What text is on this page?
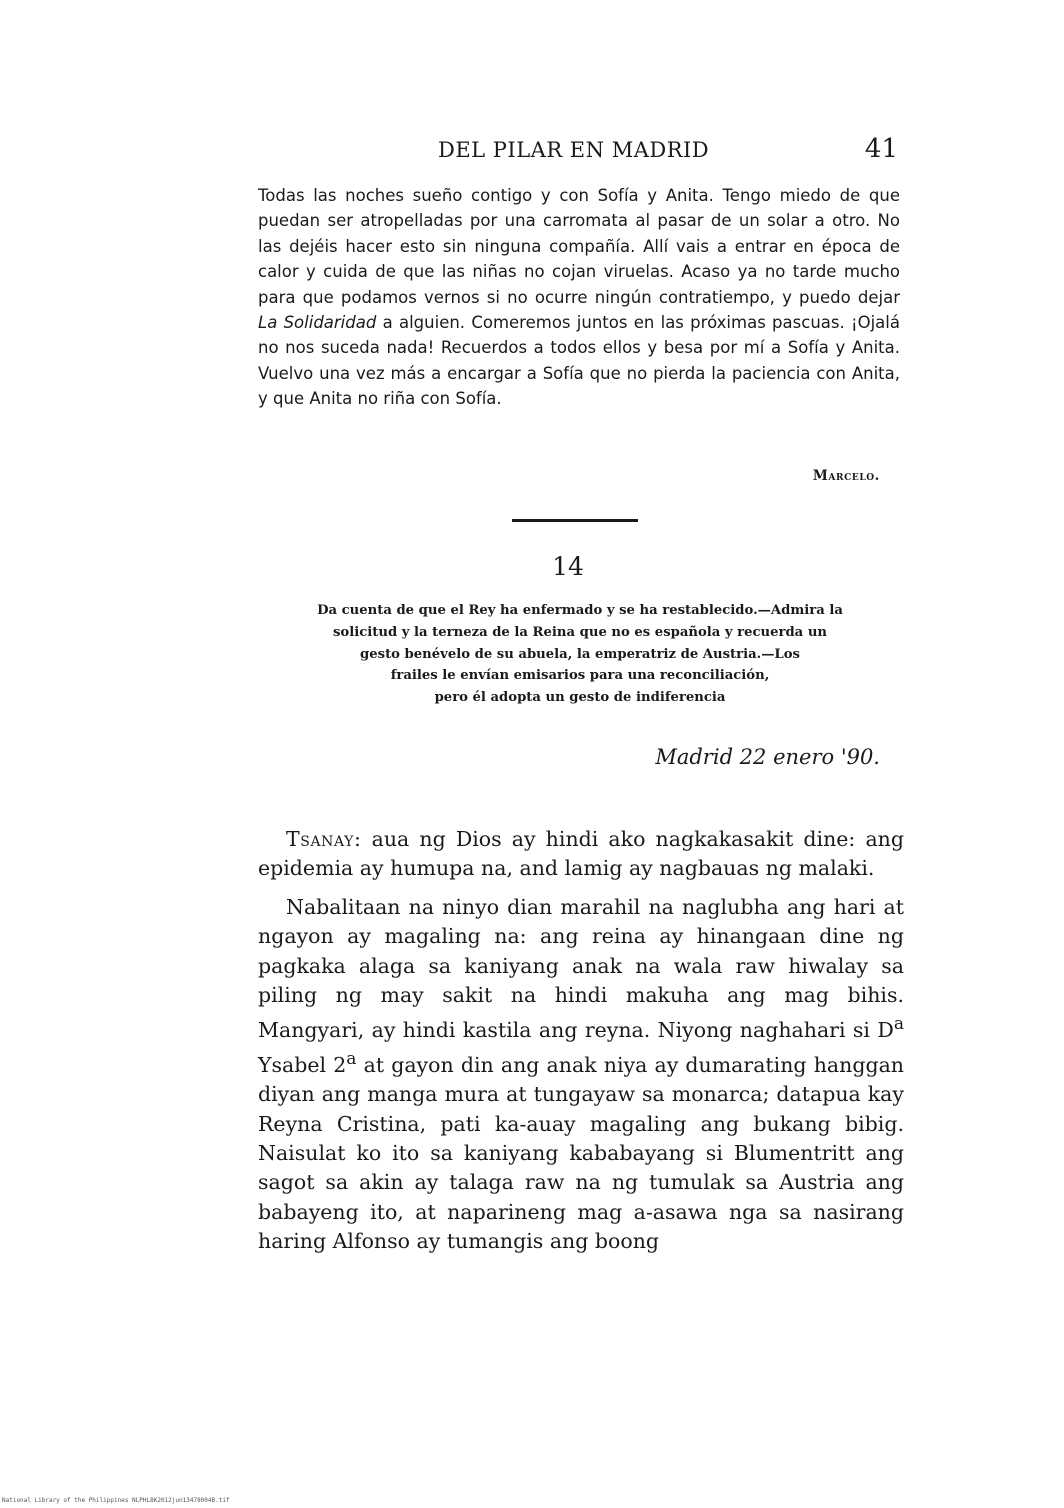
DEL PILAR EN MADRID	41
Todas las noches sueño contigo y con Sofía y Anita. Tengo miedo de que puedan ser atropelladas por una carromata al pasar de un solar a otro. No las dejéis hacer esto sin ninguna compañía. Allí vais a entrar en época de calor y cuida de que las niñas no cojan viruelas. Acaso ya no tarde mucho para que podamos vernos si no ocurre ningún contratiempo, y puedo dejar La Solidaridad a alguien. Comeremos juntos en las próximas pascuas. ¡Ojalá no nos suceda nada! Recuerdos a todos ellos y besa por mí a Sofía y Anita. Vuelvo una vez más a encargar a Sofía que no pierda la paciencia con Anita, y que Anita no riña con Sofía.
Marcelo.
14
Da cuenta de que el Rey ha enfermado y se ha restablecido.—Admira la
solicitud y la terneza de la Reina que no es española y recuerda un
gesto benévelo de su abuela, la emperatriz de Austria.—Los
frailes le envían emisarios para una reconciliación,
pero él adopta un gesto de indiferencia
Madrid 22 enero '90.
Tsanay: aua ng Dios ay hindi ako nagkakasakit dine: ang epidemia ay humupa na, and lamig ay nagbauas ng malaki.
Nabalitaan na ninyo dian marahil na naglubha ang hari at ngayon ay magaling na: ang reina ay hinangaan dine ng pagkaka alaga sa kaniyang anak na wala raw hiwalay sa piling ng may sakit na hindi makuha ang mag bihis. Mangyari, ay hindi kastila ang reyna. Niyong naghahari si $D^a$ Ysabel 2$^a$ at gayon din ang anak niya ay dumarating hanggan diyan ang manga mura at tungayaw sa monarca; datapua kay Reyna Cristina, pati ka-auay magaling ang bukang bibig. Naisulat ko ito sa kaniyang kababayang si Blumentritt ang sagot sa akin ay talaga raw na ng tumulak sa Austria ang babayeng ito, at naparineng mag a-asawa nga sa nasirang haring Alfonso ay tumangis ang boong
National Library of the Philippines NLPHLBK2012jun13478004B.tif
